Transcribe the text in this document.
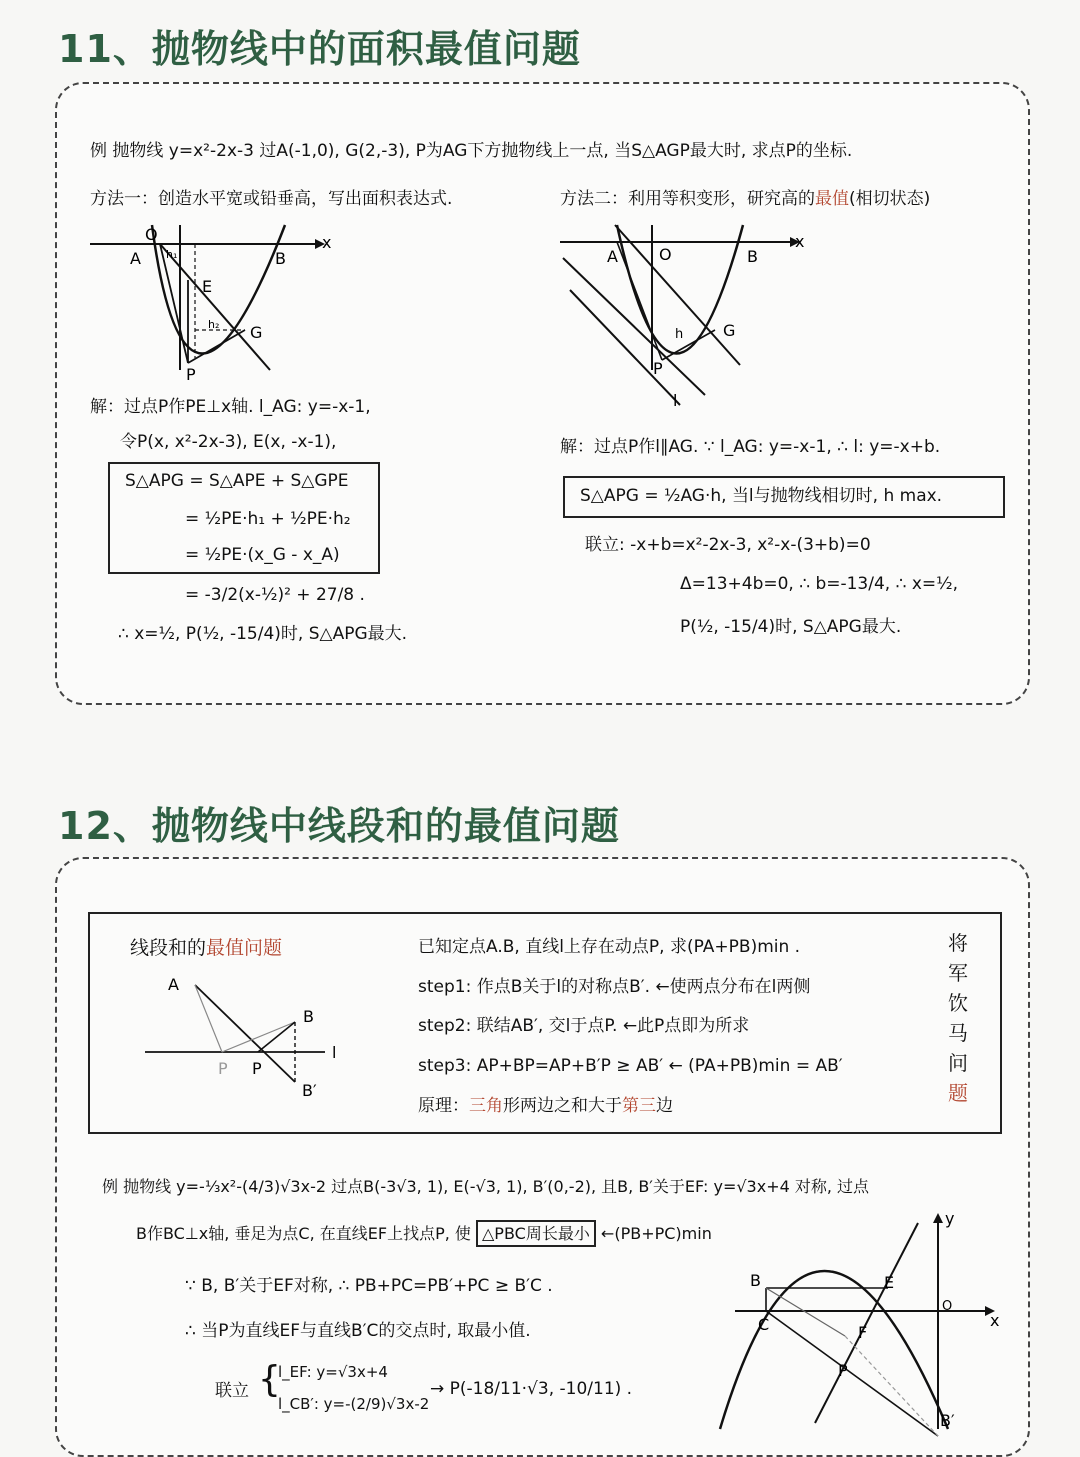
11、抛物线中的面积最值问题
例 抛物线 y=x²-2x-3 过A(-1,0), G(2,-3), P为AG下方抛物线上一点, 当S△AGP最大时, 求点P的坐标.
方法一：创造水平宽或铅垂高，写出面积表达式.	方法二：利用等积变形，研究高的最值(相切状态)
O
A	B
x
E
G
P
h₁
h₂
A	O	B
x
G
P
h
l
解：过点P作PE⊥x轴. l_AG: y=-x-1,
令P(x, x²-2x-3), E(x, -x-1),
S△APG = S△APE + S△GPE
= ½PE·h₁ + ½PE·h₂
= ½PE·(x_G - x_A)
= -3/2(x-½)² + 27/8 .
∴ x=½, P(½, -15/4)时, S△APG最大.
解：过点P作l∥AG. ∵ l_AG: y=-x-1, ∴ l: y=-x+b.
S△APG = ½AG·h, 当l与抛物线相切时, h max.
联立: -x+b=x²-2x-3, x²-x-(3+b)=0
Δ=13+4b=0, ∴ b=-13/4, ∴ x=½,
P(½, -15/4)时, S△APG最大.
12、抛物线中线段和的最值问题
线段和的最值问题
A
B
B′
l
P P
已知定点A.B, 直线l上存在动点P, 求(PA+PB)min .
step1: 作点B关于l的对称点B′. ←使两点分布在l两侧
step2: 联结AB′, 交l于点P. ←此P点即为所求
step3: AP+BP=AP+B′P ≥ AB′ ← (PA+PB)min = AB′
原理：三角形两边之和大于第三边
将
军
饮
马
问
题
例 抛物线 y=-⅓x²-(4/3)√3x-2 过点B(-3√3, 1), E(-√3, 1), B′(0,-2), 且B, B′关于EF: y=√3x+4 对称, 过点
B作BC⊥x轴, 垂足为点C, 在直线EF上找点P, 使 △PBC周长最小 ←(PB+PC)min
∵ B, B′关于EF对称, ∴ PB+PC=PB′+PC ≥ B′C .
∴ 当P为直线EF与直线B′C的交点时, 取最小值.
联立 {
l_EF: y=√3x+4
l_CB′: y=-(2/9)√3x-2
→ P(-18/11·√3, -10/11) .
y
x
O
B	E
C	F
P
B′
